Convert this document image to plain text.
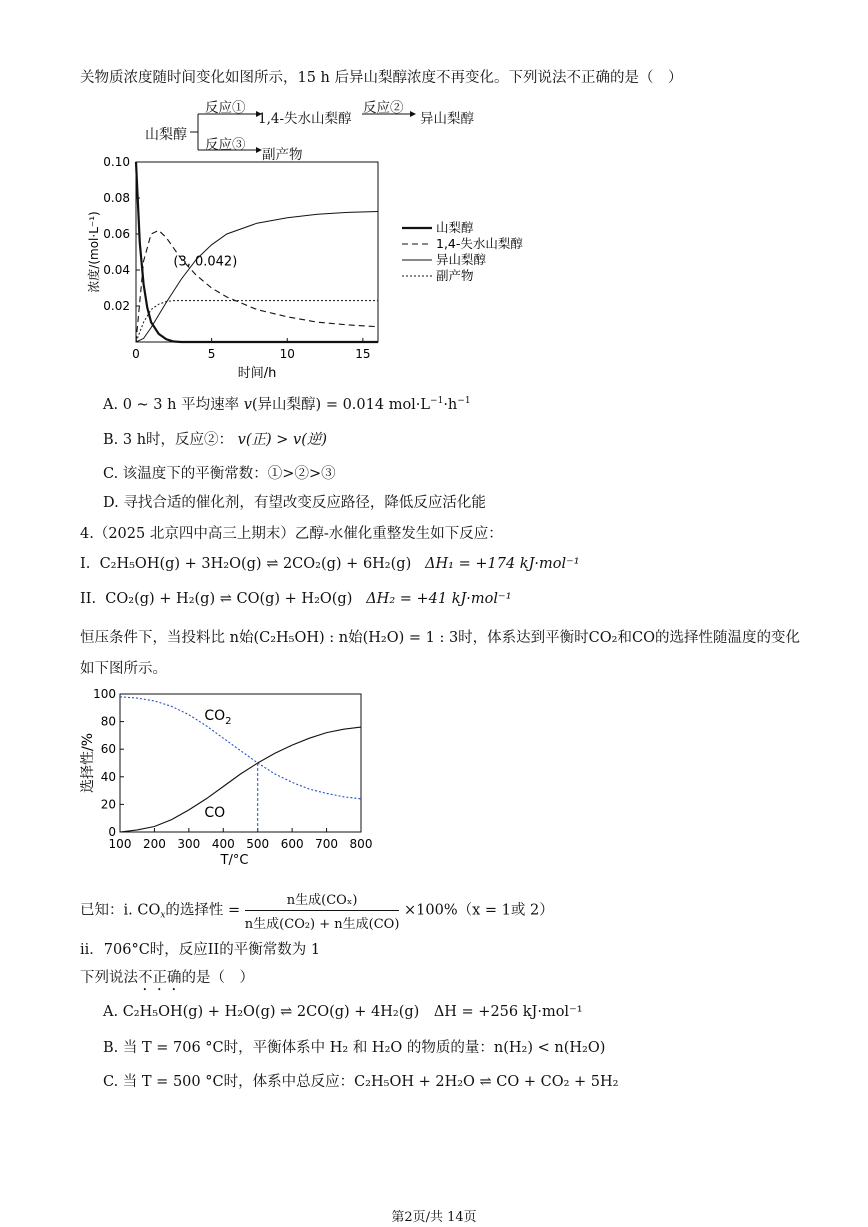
关物质浓度随时间变化如图所示，15 h 后异山梨醇浓度不再变化。下列说法不正确的是（　）
山梨醇
反应①
1,4-失水山梨醇
反应②
异山梨醇
反应③
副产物
0.10
0.08
0.06
0.04
0.02
0	5	10	15
时间/h
浓度/(mol·L⁻¹)	(3, 0.042)
山梨醇
1,4-失水山梨醇
异山梨醇
副产物
A. 0 ~ 3 h 平均速率 v(异山梨醇) = 0.014 $mol\cdot L^{-1}\cdot h^{-1}$
B. 3 h时，反应②： v(正) > v(逆)
C. 该温度下的平衡常数：①>②>③
D. 寻找合适的催化剂，有望改变反应路径，降低反应活化能
4.（2025 北京四中高三上期末）乙醇-水催化重整发生如下反应：
I. C₂H₅OH(g) + 3H₂O(g) ⇌ 2CO₂(g) + 6H₂(g) ΔH₁ = +174 kJ·mol⁻¹
II. CO₂(g) + H₂(g) ⇌ CO(g) + H₂O(g) ΔH₂ = +41 kJ·mol⁻¹
恒压条件下，当投料比 n始(C₂H₅OH) : n始(H₂O) = 1 : 3时，体系达到平衡时CO₂和CO的选择性随温度的变化
如下图所示。
100
80
60
40
20
0
100 200 300 400 500 600 700 800
T/°C
选择性/%
$CO_2$
CO
已知：i. $CO_x$的选择性 = $\frac{\text{n生成(COₓ)}}{\text{n生成(CO₂) + n生成(CO)}} \times 100\%(x = 1$或 2）
ii．706°C时，反应II的平衡常数为 1
下列说法不正确的是（　）
A. C₂H₅OH(g) + H₂O(g) ⇌ 2CO(g) + 4H₂(g)　ΔH = +256 kJ·mol⁻¹
B. 当 T = 706 °C时，平衡体系中 H₂ 和 H₂O 的物质的量：n(H₂) < n(H₂O)
C. 当 T = 500 °C时，体系中总反应：C₂H₅OH + 2H₂O ⇌ CO + CO₂ + 5H₂
第2页/共 14页
